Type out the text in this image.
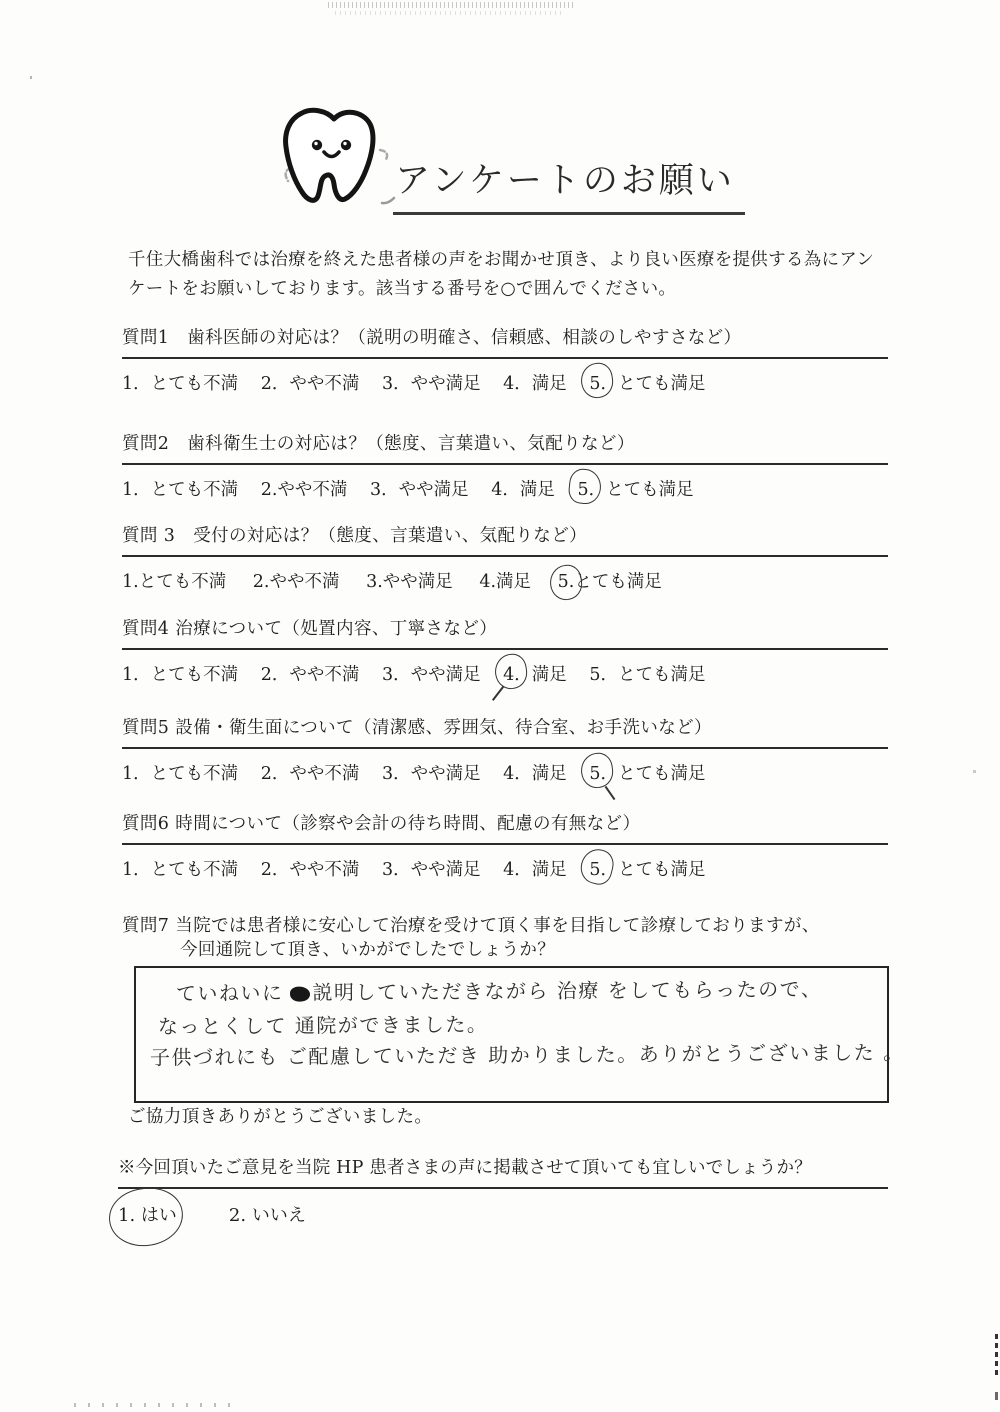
アンケートのお願い
千住大橋歯科では治療を終えた患者様の声をお聞かせ頂き、より良い医療を提供する為にアンケートをお願いしております。該当する番号を○で囲んでください。
質問1　歯科医師の対応は？（説明の明確さ、信頼感、相談のしやすさなど）
1．とても不満 2．やや不満 3．やや満足 4．満足 5．とても満足
質問2　歯科衛生士の対応は？（態度、言葉遣い、気配りなど）
1．とても不満 2.やや不満 3．やや満足 4．満足 5．とても満足
質問 3　受付の対応は？（態度、言葉遣い、気配りなど）
1.とても不満 2.やや不満 3.やや満足 4.満足 5.とても満足
質問4 治療について（処置内容、丁寧さなど）
1．とても不満 2．やや不満 3．やや満足 4．満足 5．とても満足
質問5 設備・衛生面について（清潔感、雰囲気、待合室、お手洗いなど）
1．とても不満 2．やや不満 3．やや満足 4．満足 5．とても満足
質問6 時間について（診察や会計の待ち時間、配慮の有無など）
1．とても不満 2．やや不満 3．やや満足 4．満足 5．とても満足
質問7 当院では患者様に安心して治療を受けて頂く事を目指して診療しておりますが、
今回通院して頂き、いかがでしたでしょうか？
ていねいに 説明していただきながら 治療 をしてもらったので、
なっとくして 通院ができました。
子供づれにも ご配慮していただき 助かりました。ありがとうございました 。
ご協力頂きありがとうございました。
※今回頂いたご意見を当院 HP 患者さまの声に掲載させて頂いても宜しいでしょうか？
1. はい	2. いいえ
